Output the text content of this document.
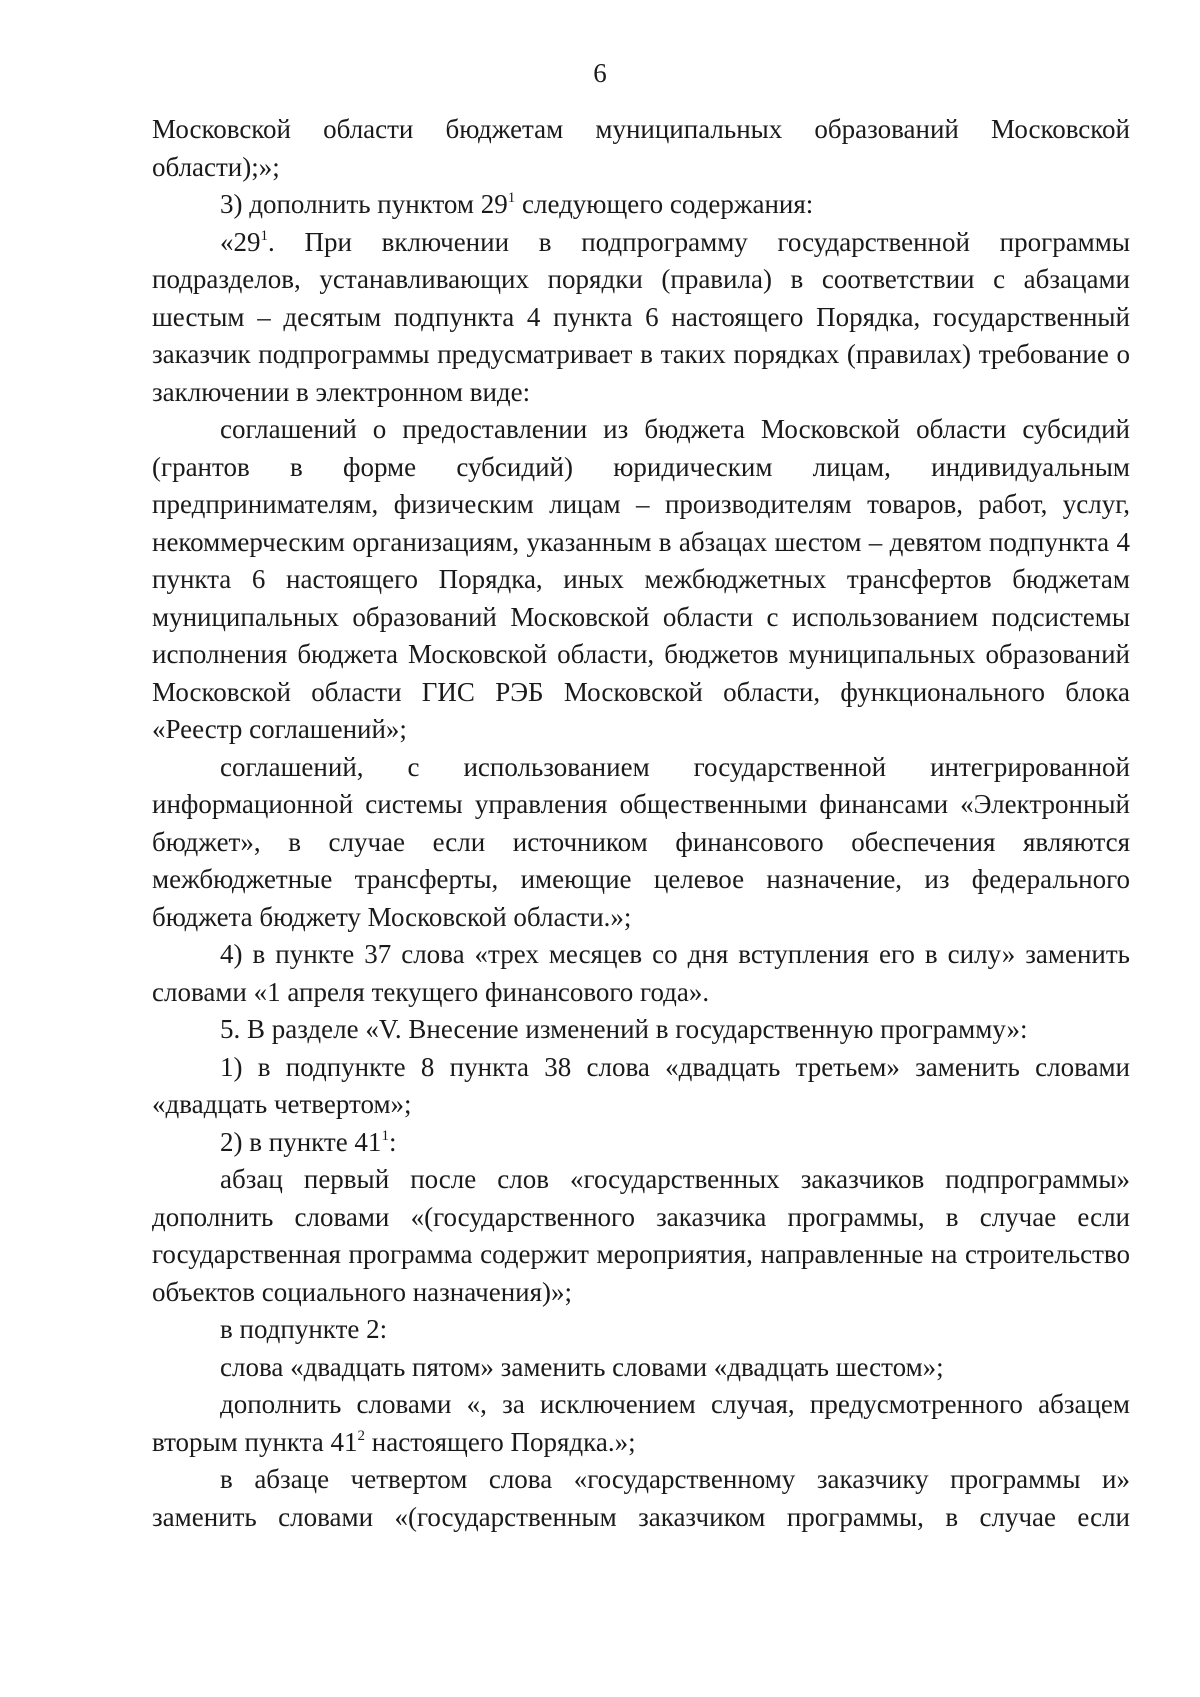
6

Московской области бюджетам муниципальных образований Московской области);»;

3) дополнить пунктом $29^1$ следующего содержания:

«$29^1$. При включении в подпрограмму государственной программы подразделов, устанавливающих порядки (правила) в соответствии с абзацами шестым – десятым подпункта 4 пункта 6 настоящего Порядка, государственный заказчик подпрограммы предусматривает в таких порядках (правилах) требование о заключении в электронном виде:

соглашений о предоставлении из бюджета Московской области субсидий (грантов в форме субсидий) юридическим лицам, индивидуальным предпринимателям, физическим лицам – производителям товаров, работ, услуг, некоммерческим организациям, указанным в абзацах шестом – девятом подпункта 4 пункта 6 настоящего Порядка, иных межбюджетных трансфертов бюджетам муниципальных образований Московской области с использованием подсистемы исполнения бюджета Московской области, бюджетов муниципальных образований Московской области ГИС РЭБ Московской области, функционального блока «Реестр соглашений»;

соглашений, с использованием государственной интегрированной информационной системы управления общественными финансами «Электронный бюджет», в случае если источником финансового обеспечения являются межбюджетные трансферты, имеющие целевое назначение, из федерального бюджета бюджету Московской области.»;

4) в пункте 37 слова «трех месяцев со дня вступления его в силу» заменить словами «1 апреля текущего финансового года».

5. В разделе «V. Внесение изменений в государственную программу»:

1) в подпункте 8 пункта 38 слова «двадцать третьем» заменить словами «двадцать четвертом»;

2) в пункте $41^1$:

абзац первый после слов «государственных заказчиков подпрограммы» дополнить словами «(государственного заказчика программы, в случае если государственная программа содержит мероприятия, направленные на строительство объектов социального назначения)»;

в подпункте 2:

слова «двадцать пятом» заменить словами «двадцать шестом»;

дополнить словами «, за исключением случая, предусмотренного абзацем вторым пункта $41^2$ настоящего Порядка.»;

в абзаце четвертом слова «государственному заказчику программы и» заменить словами «(государственным заказчиком программы, в случае если
